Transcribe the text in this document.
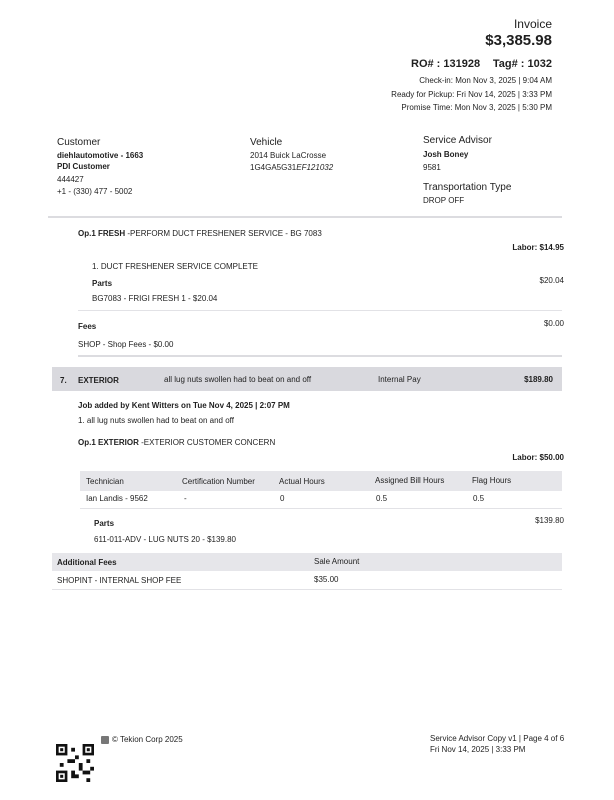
Invoice
$3,385.98
RO# : 131928 Tag# : 1032
Check-in: Mon Nov 3, 2025 | 9:04 AM
Ready for Pickup: Fri Nov 14, 2025 | 3:33 PM
Promise Time: Mon Nov 3, 2025 | 5:30 PM
Customer
diehlautomotive - 1663
PDI Customer
444427
+1 - (330) 477 - 5002
Vehicle
2014 Buick LaCrosse
1G4GA5G31EF121032
Service Advisor
Josh Boney
9581
Transportation Type
DROP OFF
Op.1 FRESH -PERFORM DUCT FRESHENER SERVICE - BG 7083
Labor: $14.95
1. DUCT FRESHENER SERVICE COMPLETE
Parts	$20.04
BG7083 - FRIGI FRESH 1 - $20.04
Fees	$0.00
SHOP - Shop Fees - $0.00
7. EXTERIOR	all lug nuts swollen had to beat on and off	Internal Pay	$189.80
Job added by Kent Witters on Tue Nov 4, 2025 | 2:07 PM
1. all lug nuts swollen had to beat on and off
Op.1 EXTERIOR -EXTERIOR CUSTOMER CONCERN
Labor: $50.00
Technician	Certification Number	Actual Hours	Assigned Bill Hours	Flag Hours
Ian Landis - 9562	-	0	0.5	0.5
Parts	$139.80
611-011-ADV - LUG NUTS 20 - $139.80
Additional Fees	Sale Amount
SHOPINT - INTERNAL SHOP FEE	$35.00
© Tekion Corp 2025	Service Advisor Copy v1 | Page 4 of 6
Fri Nov 14, 2025 | 3:33 PM
